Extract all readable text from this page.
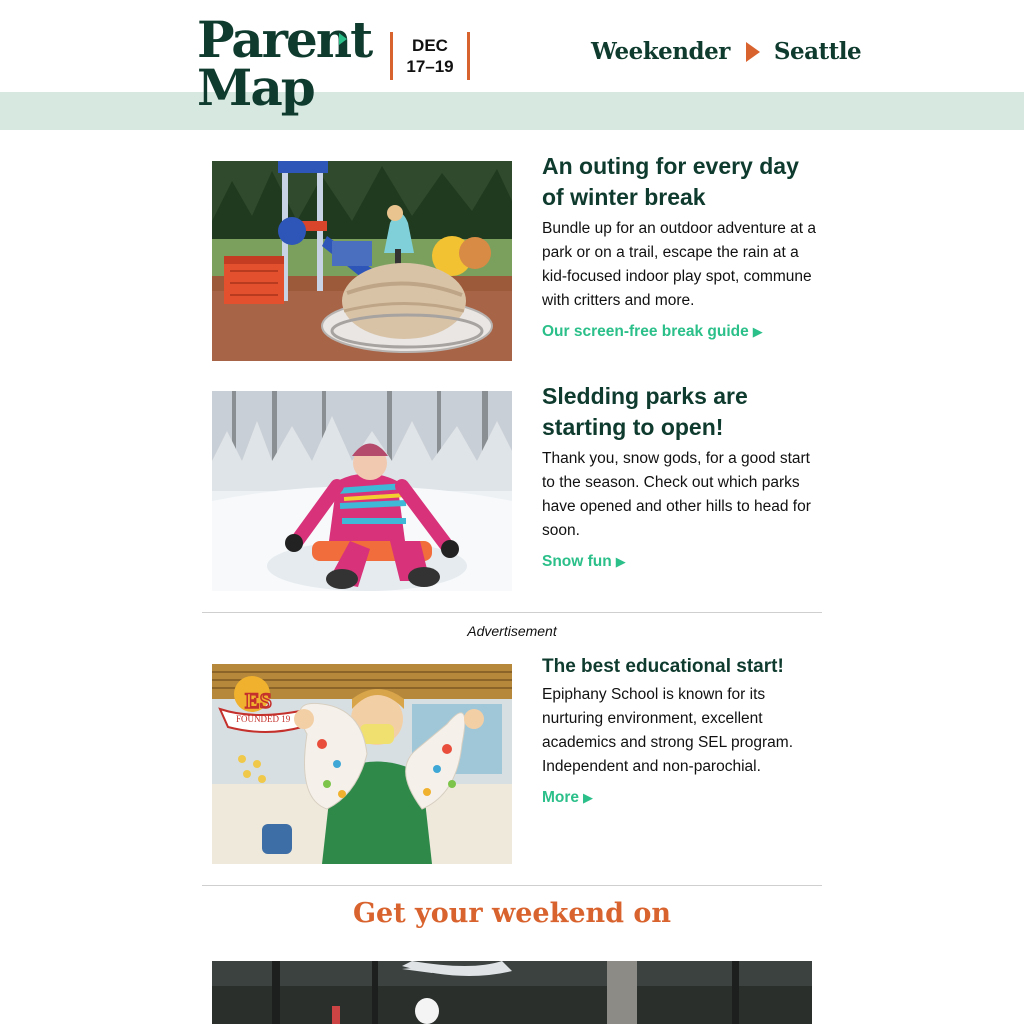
Parent
Map
DEC
17–19
Weekender Seattle
An outing for every day of winter break
Bundle up for an outdoor adventure at a park or on a trail, escape the rain at a kid-focused indoor play spot, commune with critters and more.
Our screen-free break guide ▶
Sledding parks are starting to open!
Thank you, snow gods, for a good start to the season. Check out which parks have opened and other hills to head for soon.
Snow fun ▶
Advertisement
ES
FOUNDED 19
The best educational start!
Epiphany School is known for its nurturing environment, excellent academics and strong SEL program. Independent and non-parochial.
More ▶
Get your weekend on
